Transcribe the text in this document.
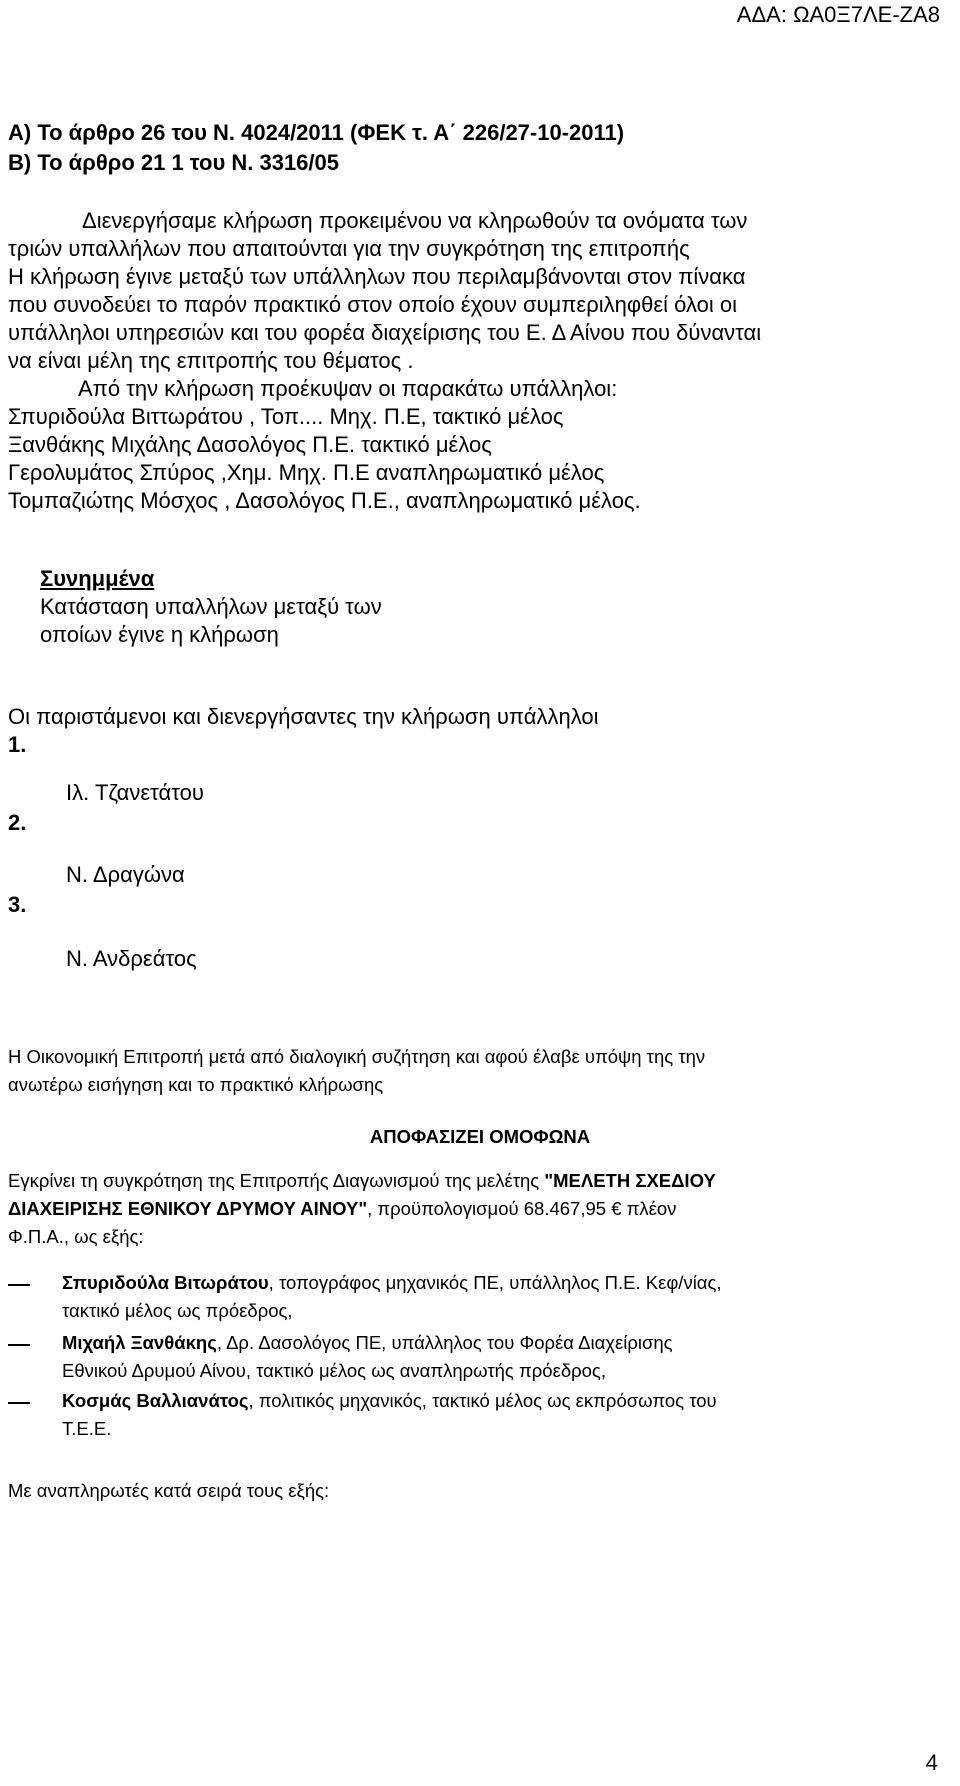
ΑΔΑ: ΩΑ0Ξ7ΛΕ-ΖΑ8
Α) Το άρθρο 26 του Ν. 4024/2011 (ΦΕΚ τ. Α΄ 226/27-10-2011)
Β) Το άρθρο 21 1 του Ν. 3316/05
Διενεργήσαμε κλήρωση προκειμένου να κληρωθούν τα ονόματα των
τριών υπαλλήλων που απαιτούνται για την συγκρότηση της επιτροπής
Η κλήρωση έγινε μεταξύ των υπάλληλων που περιλαμβάνονται στον πίνακα
που συνοδεύει το παρόν πρακτικό στον οποίο έχουν συμπεριληφθεί όλοι οι
υπάλληλοι υπηρεσιών και του φορέα διαχείρισης του Ε. Δ Αίνου που δύνανται
να είναι μέλη της επιτροπής του θέματος .
Από την κλήρωση προέκυψαν οι παρακάτω υπάλληλοι:
Σπυριδούλα Βιττωράτου , Τοπ.... Μηχ. Π.Ε, τακτικό μέλος
Ξανθάκης Μιχάλης Δασολόγος Π.Ε. τακτικό μέλος
Γερολυμάτος Σπύρος ,Χημ. Μηχ. Π.Ε αναπληρωματικό μέλος
Τομπαζιώτης Μόσχος , Δασολόγος Π.Ε., αναπληρωματικό μέλος.
Συνημμένα
Κατάσταση υπαλλήλων μεταξύ των
οποίων έγινε η κλήρωση
Οι παριστάμενοι και διενεργήσαντες την κλήρωση υπάλληλοι
1.
Ιλ. Τζανετάτου
2.
Ν. Δραγώνα
3.
Ν. Ανδρεάτος
Η Οικονομική Επιτροπή μετά από διαλογική συζήτηση και αφού έλαβε υπόψη της την
ανωτέρω εισήγηση και το πρακτικό κλήρωσης
ΑΠΟΦΑΣΙΖΕΙ ΟΜΟΦΩΝΑ
Εγκρίνει τη συγκρότηση της Επιτροπής Διαγωνισμού της μελέτης "ΜΕΛΕΤΗ ΣΧΕΔΙΟΥ
ΔΙΑΧΕΙΡΙΣΗΣ ΕΘΝΙΚΟΥ ΔΡΥΜΟΥ ΑΙΝΟΥ", προϋπολογισμού 68.467,95 € πλέον
Φ.Π.Α., ως εξής:
Σπυριδούλα Βιτωράτου, τοπογράφος μηχανικός ΠΕ, υπάλληλος Π.Ε. Κεφ/νίας,
τακτικό μέλος ως πρόεδρος,
Μιχαήλ Ξανθάκης, Δρ. Δασολόγος ΠΕ, υπάλληλος του Φορέα Διαχείρισης
Εθνικού Δρυμού Αίνου, τακτικό μέλος ως αναπληρωτής πρόεδρος,
Κοσμάς Βαλλιανάτος, πολιτικός μηχανικός, τακτικό μέλος ως εκπρόσωπος του
Τ.Ε.Ε.
Με αναπληρωτές κατά σειρά τους εξής:
4
